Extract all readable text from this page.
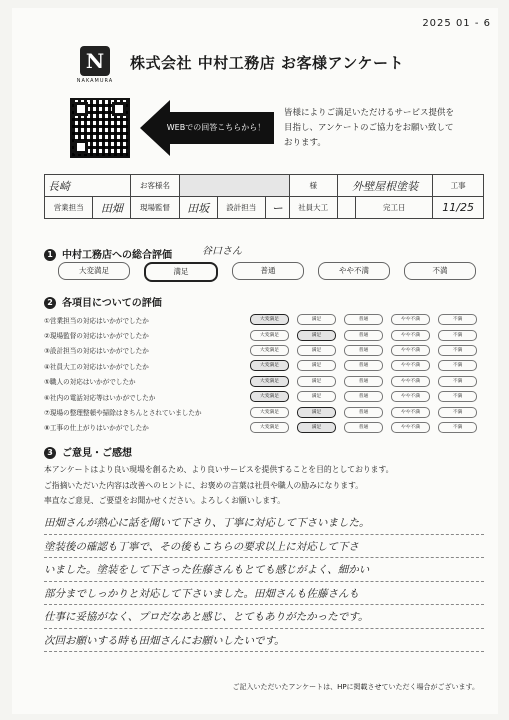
2025 01 - 6
N
NAKAMURA
株式会社 中村工務店 お客様アンケート
WEBでの回答こちらから！
皆様によりご満足いただけるサービス提供を
目指し、アンケートのご協力をお願い致して
おります。
長崎		お客様名				様	外壁屋根塗装		工事
営業担当	田畑	現場監督	田坂	設計担当	ー	社員大工		完工日	11/25
1 中村工務店への総合評価	谷口さん
大変満足	満足	普通	やや不満	不満
2 各項目についての評価
①営業担当の対応はいかがでしたか	大変満足	満足	普通	やや不満	不満
②現場監督の対応はいかがでしたか	大変満足	満足	普通	やや不満	不満
③設計担当の対応はいかがでしたか	大変満足	満足	普通	やや不満	不満
④社員大工の対応はいかがでしたか	大変満足	満足	普通	やや不満	不満
⑤職人の対応はいかがでしたか	大変満足	満足	普通	やや不満	不満
⑥社内の電話対応等はいかがでしたか	大変満足	満足	普通	やや不満	不満
⑦現場の整理整頓や掃除はきちんとされていましたか	大変満足	満足	普通	やや不満	不満
⑧工事の仕上がりはいかがでしたか	大変満足	満足	普通	やや不満	不満
3 ご意見・ご感想
本アンケートはより良い現場を創るため、より良いサービスを提供することを目的としております。
ご指摘いただいた内容は改善へのヒントに、お褒めの言葉は社員や職人の励みになります。
率直なご意見、ご要望をお聞かせください。よろしくお願いします。
田畑さんが熱心に話を聞いて下さり、丁寧に対応して下さいました。
塗装後の確認も丁寧で、その後もこちらの要求以上に対応して下さ
いました。塗装をして下さった佐藤さんもとても感じがよく、細かい
部分までしっかりと対応して下さいました。田畑さんも佐藤さんも
仕事に妥協がなく、プロだなあと感じ、とてもありがたかったです。
次回お願いする時も田畑さんにお願いしたいです。
ご記入いただいたアンケートは、HPに掲載させていただく場合がございます。
